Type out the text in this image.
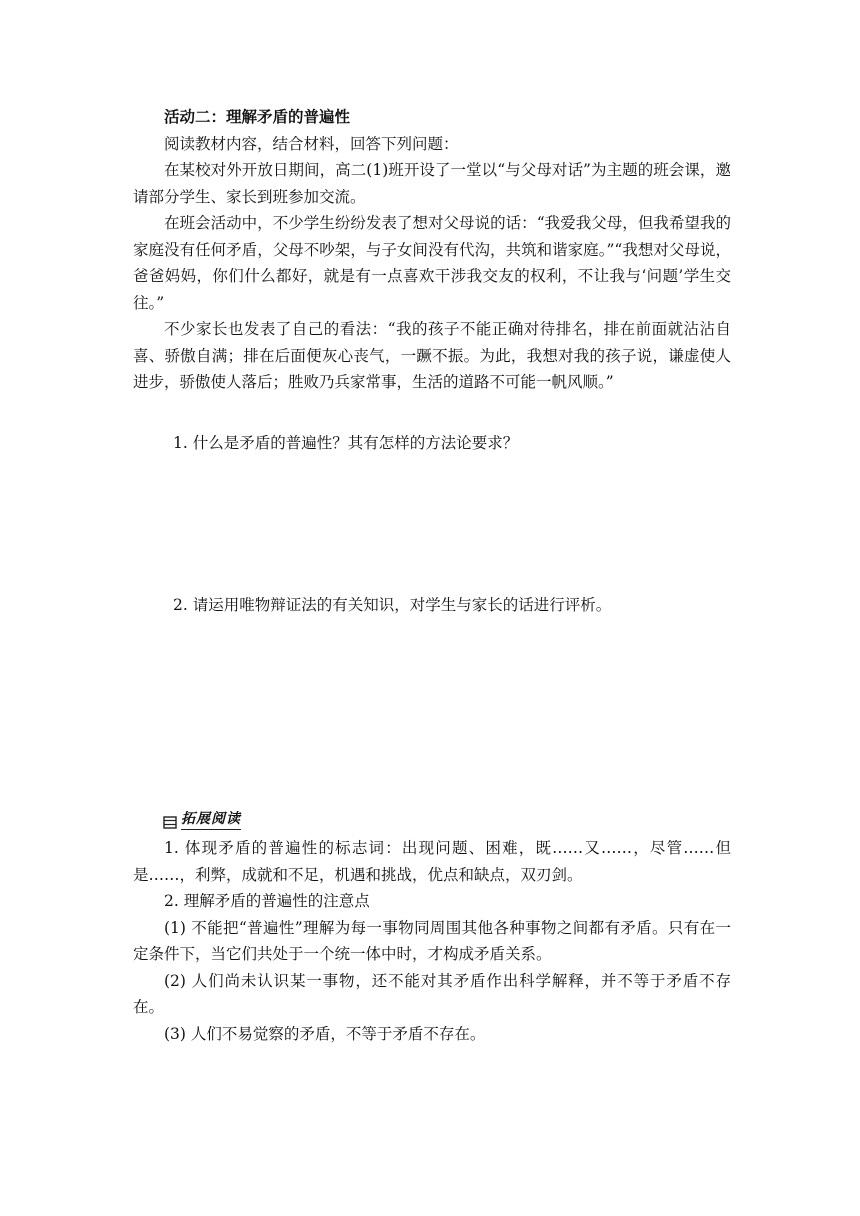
活动二：理解矛盾的普遍性

阅读教材内容，结合材料，回答下列问题：

在某校对外开放日期间，高二(1)班开设了一堂以“与父母对话”为主题的班会课，邀请部分学生、家长到班参加交流。

在班会活动中，不少学生纷纷发表了想对父母说的话：“我爱我父母，但我希望我的家庭没有任何矛盾，父母不吵架，与子女间没有代沟，共筑和谐家庭。”“我想对父母说，爸爸妈妈，你们什么都好，就是有一点喜欢干涉我交友的权利，不让我与‘问题’学生交往。”

不少家长也发表了自己的看法：“我的孩子不能正确对待排名，排在前面就沾沾自喜、骄傲自满；排在后面便灰心丧气，一蹶不振。为此，我想对我的孩子说，谦虚使人进步，骄傲使人落后；胜败乃兵家常事，生活的道路不可能一帆风顺。”

1. 什么是矛盾的普遍性？其有怎样的方法论要求？
2. 请运用唯物辩证法的有关知识，对学生与家长的话进行评析。
拓展阅读

1. 体现矛盾的普遍性的标志词：出现问题、困难，既……又……，尽管……但是……，利弊，成就和不足，机遇和挑战，优点和缺点，双刃剑。

2. 理解矛盾的普遍性的注意点

(1) 不能把“普遍性”理解为每一事物同周围其他各种事物之间都有矛盾。只有在一定条件下，当它们共处于一个统一体中时，才构成矛盾关系。

(2) 人们尚未认识某一事物，还不能对其矛盾作出科学解释，并不等于矛盾不存在。

(3) 人们不易觉察的矛盾，不等于矛盾不存在。
